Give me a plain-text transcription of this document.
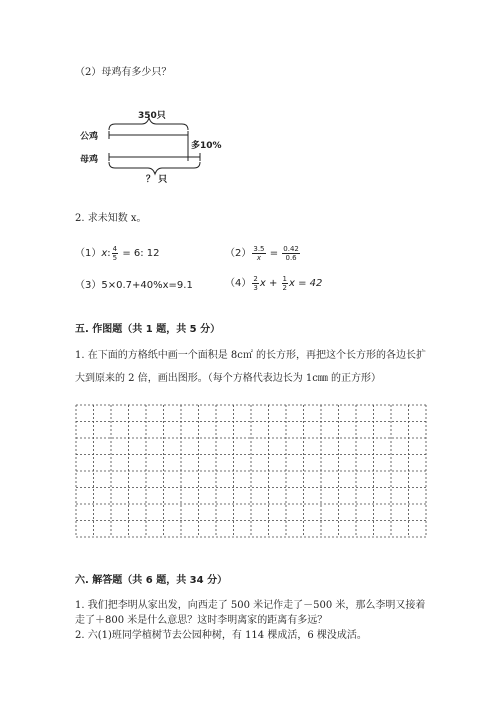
（2）母鸡有多少只？
350只
公鸡
母鸡
多10%
？ 只
2. 求未知数 x。
（1）x: $\frac{4}{5} = 6$: 12	$(2) \frac{3.5}{x} = \frac{0.42}{0.6}$
（3）5×0.7+40%x=9.1	$(4) \frac{2}{3}$ $x + \frac{1}{2}$ x = 42
五. 作图题（共 1 题，共 5 分）
1. 在下面的方格纸中画一个面积是 8c㎡ 的长方形，再把这个长方形的各边长扩
大到原来的 2 倍，画出图形。（每个方格代表边长为 1c㎜ 的正方形）
六. 解答题（共 6 题，共 34 分）
1. 我们把李明从家出发，向西走了 500 米记作走了－500 米，那么李明又接着
走了＋800 米是什么意思？这时李明离家的距离有多远？
2. 六(1)班同学植树节去公园种树，有 114 棵成活，6 棵没成活。
